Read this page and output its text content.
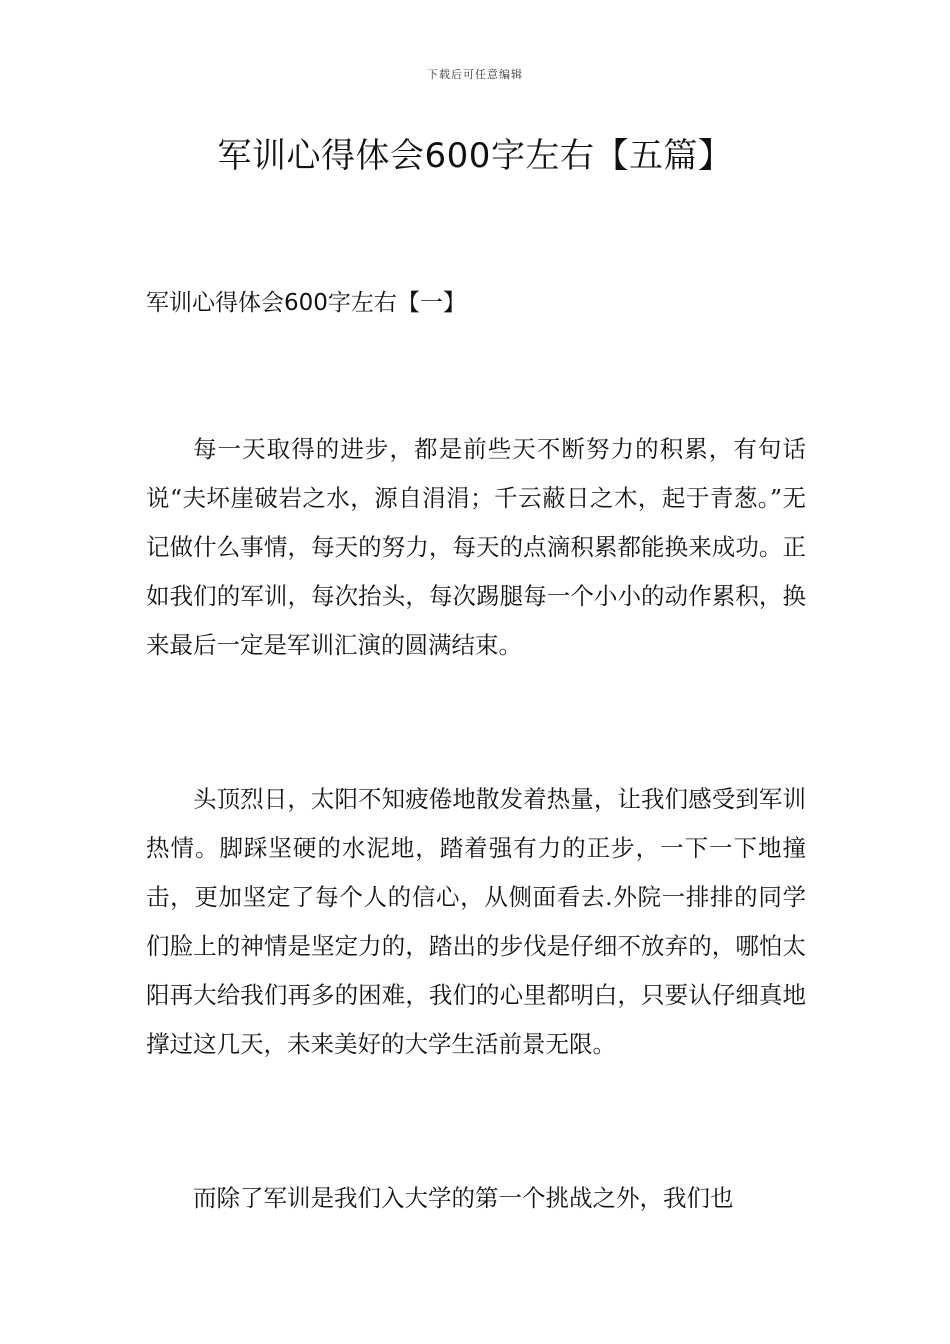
下载后可任意编辑
军训心得体会600字左右【五篇】
军训心得体会600字左右【一】

每一天取得的进步，都是前些天不断努力的积累，有句话说“夫坏崖破岩之水，源自涓涓；千云蔽日之木，起于青葱。”无记做什么事情，每天的努力，每天的点滴积累都能换来成功。正如我们的军训，每次抬头，每次踢腿每一个小小的动作累积，换来最后一定是军训汇演的圆满结束。

头顶烈日，太阳不知疲倦地散发着热量，让我们感受到军训热情。脚踩坚硬的水泥地，踏着强有力的正步，一下一下地撞击，更加坚定了每个人的信心，从侧面看去.外院一排排的同学们脸上的神情是坚定力的，踏出的步伐是仔细不放弃的，哪怕太阳再大给我们再多的困难，我们的心里都明白，只要认仔细真地撑过这几天，未来美好的大学生活前景无限。

而除了军训是我们入大学的第一个挑战之外，我们也
